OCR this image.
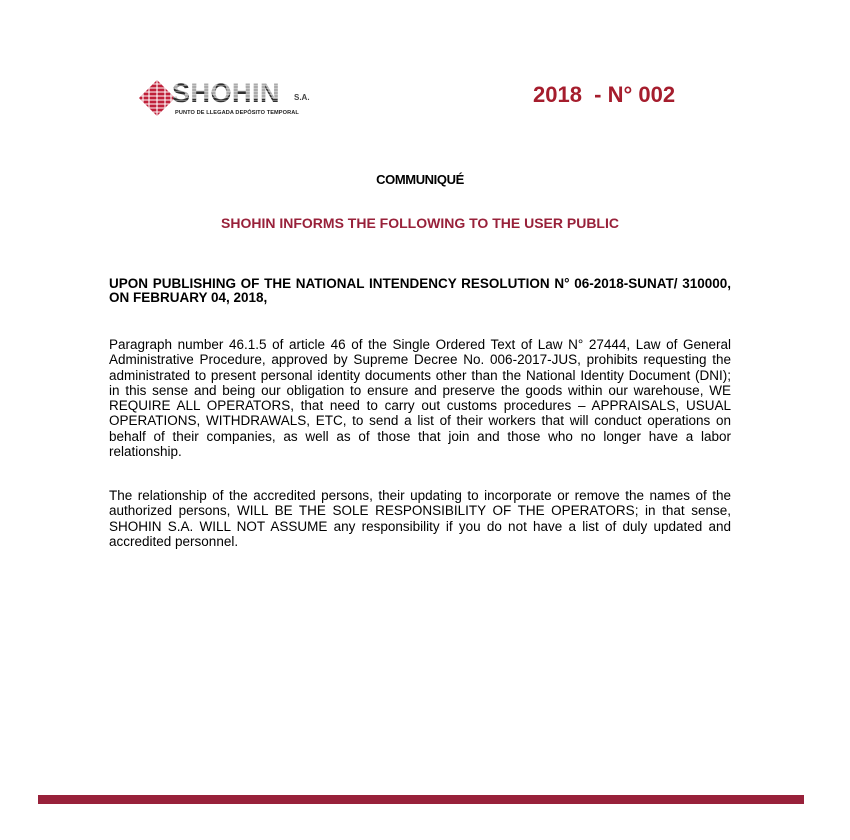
SHOHIN S.A.
PUNTO DE LLEGADA DEPÓSITO TEMPORAL
2018  - N° 002
COMMUNIQUÉ
SHOHIN INFORMS THE FOLLOWING TO THE USER PUBLIC
UPON PUBLISHING OF THE NATIONAL INTENDENCY RESOLUTION N° 06-2018-SUNAT/ 310000, ON FEBRUARY 04, 2018,
Paragraph number 46.1.5 of article 46 of the Single Ordered Text of Law N° 27444, Law of General Administrative Procedure, approved by Supreme Decree No. 006-2017-JUS, prohibits requesting the administrated to present personal identity documents other than the National Identity Document (DNI); in this sense and being our obligation to ensure and preserve the goods within our warehouse, WE REQUIRE ALL OPERATORS, that need to carry out customs procedures – APPRAISALS, USUAL OPERATIONS, WITHDRAWALS, ETC, to send a list of their workers that will conduct operations on behalf of their companies, as well as of those that join and those who no longer have a labor relationship.
The relationship of the accredited persons, their updating to incorporate or remove the names of the authorized persons, WILL BE THE SOLE RESPONSIBILITY OF THE OPERATORS; in that sense, SHOHIN S.A. WILL NOT ASSUME any responsibility if you do not have a list of duly updated and accredited personnel.
